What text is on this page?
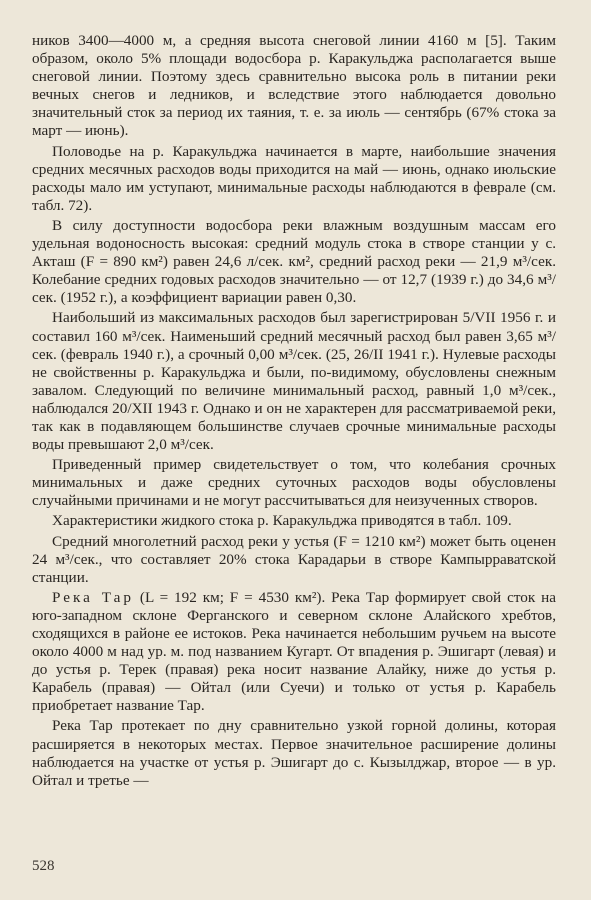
ников 3400—4000 м, а средняя высота снеговой линии 4160 м [5]. Таким образом, около 5% площади водосбора р. Каракульджа располагается выше снеговой линии. Поэтому здесь сравнительно высока роль в питании реки вечных снегов и ледников, и вследствие этого наблюдается довольно значительный сток за период их таяния, т. е. за июль — сентябрь (67% стока за март — июнь).

Половодье на р. Каракульджа начинается в марте, наибольшие значения средних месячных расходов воды приходится на май — июнь, однако июльские расходы мало им уступают, минимальные расходы наблюдаются в феврале (см. табл. 72).

В силу доступности водосбора реки влажным воздушным массам его удельная водоносность высокая: средний модуль стока в створе станции у с. Акташ (F = 890 км²) равен 24,6 л/сек. км², средний расход реки — 21,9 м³/сек. Колебание средних годовых расходов значительно — от 12,7 (1939 г.) до 34,6 м³/сек. (1952 г.), а коэффициент вариации равен 0,30.

Наибольший из максимальных расходов был зарегистрирован 5/VII 1956 г. и составил 160 м³/сек. Наименьший средний месячный расход был равен 3,65 м³/сек. (февраль 1940 г.), а срочный 0,00 м³/сек. (25, 26/II 1941 г.). Нулевые расходы не свойственны р. Каракульджа и были, по-видимому, обусловлены снежным завалом. Следующий по величине минимальный расход, равный 1,0 м³/сек., наблюдался 20/XII 1943 г. Однако и он не характерен для рассматриваемой реки, так как в подавляющем большинстве случаев срочные минимальные расходы воды превышают 2,0 м³/сек.

Приведенный пример свидетельствует о том, что колебания срочных минимальных и даже средних суточных расходов воды обусловлены случайными причинами и не могут рассчитываться для неизученных створов.

Характеристики жидкого стока р. Каракульджа приводятся в табл. 109.

Средний многолетний расход реки у устья (F = 1210 км²) может быть оценен 24 м³/сек., что составляет 20% стока Карадарьи в створе Кампырраватской станции.

Река Тар (L = 192 км; F = 4530 км²). Река Тар формирует свой сток на юго-западном склоне Ферганского и северном склоне Алайского хребтов, сходящихся в районе ее истоков. Река начинается небольшим ручьем на высоте около 4000 м над ур. м. под названием Кугарт. От впадения р. Эшигарт (левая) и до устья р. Терек (правая) река носит название Алайку, ниже до устья р. Карабель (правая) — Ойтал (или Суечи) и только от устья р. Карабель приобретает название Тар.

Река Тар протекает по дну сравнительно узкой горной долины, которая расширяется в некоторых местах. Первое значительное расширение долины наблюдается на участке от устья р. Эшигарт до с. Кызылджар, второе — в ур. Ойтал и третье —

528
